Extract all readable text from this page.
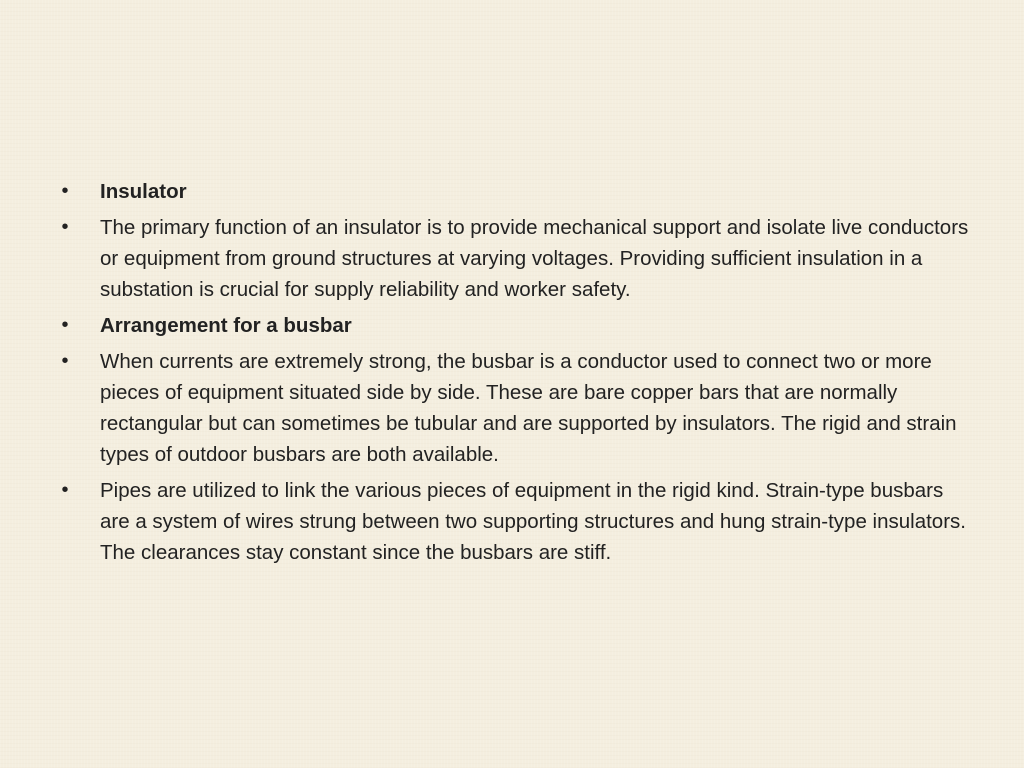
• Insulator
• The primary function of an insulator is to provide mechanical support and isolate live conductors or equipment from ground structures at varying voltages. Providing sufficient insulation in a substation is crucial for supply reliability and worker safety.
• Arrangement for a busbar
• When currents are extremely strong, the busbar is a conductor used to connect two or more pieces of equipment situated side by side. These are bare copper bars that are normally rectangular but can sometimes be tubular and are supported by insulators. The rigid and strain types of outdoor busbars are both available.
• Pipes are utilized to link the various pieces of equipment in the rigid kind. Strain-type busbars are a system of wires strung between two supporting structures and hung strain-type insulators. The clearances stay constant since the busbars are stiff.
